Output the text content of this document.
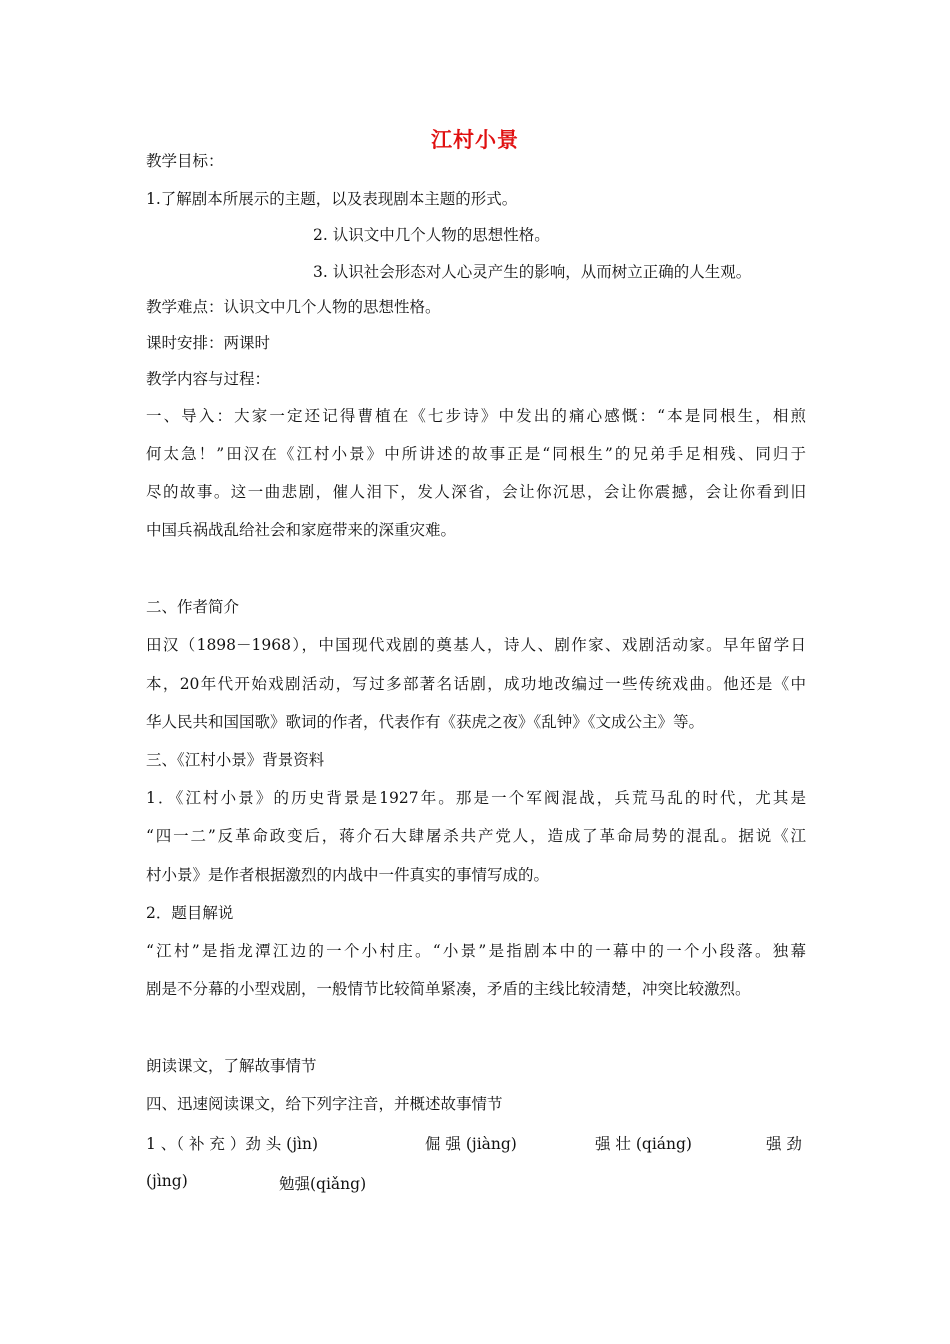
江村小景
教学目标：
1.了解剧本所展示的主题，以及表现剧本主题的形式。
2. 认识文中几个人物的思想性格。
3. 认识社会形态对人心灵产生的影响，从而树立正确的人生观。
教学难点：认识文中几个人物的思想性格。
课时安排：两课时
教学内容与过程：
一、导入：大家一定还记得曹植在《七步诗》中发出的痛心感慨：“本是同根生，相煎
何太急！”田汉在《江村小景》中所讲述的故事正是“同根生”的兄弟手足相残、同归于
尽的故事。这一曲悲剧，催人泪下，发人深省，会让你沉思，会让你震撼，会让你看到旧
中国兵祸战乱给社会和家庭带来的深重灾难。
二、作者简介
田汉（1898－1968），中国现代戏剧的奠基人，诗人、剧作家、戏剧活动家。早年留学日
本，20年代开始戏剧活动，写过多部著名话剧，成功地改编过一些传统戏曲。他还是《中
华人民共和国国歌》歌词的作者，代表作有《获虎之夜》《乱钟》《文成公主》等。
三、《江村小景》背景资料
1．《江村小景》的历史背景是1927年。那是一个军阀混战，兵荒马乱的时代，尤其是
“四一二”反革命政变后，蒋介石大肆屠杀共产党人，造成了革命局势的混乱。据说《江
村小景》是作者根据激烈的内战中一件真实的事情写成的。
2．题目解说
“江村”是指龙潭江边的一个小村庄。“小景”是指剧本中的一幕中的一个小段落。独幕
剧是不分幕的小型戏剧，一般情节比较简单紧凑，矛盾的主线比较清楚，冲突比较激烈。
朗读课文，了解故事情节
四、迅速阅读课文，给下列字注音，并概述故事情节
1 、（ 补 充 ）劲 头 (jìn)	倔 强 (jiàng)	强 壮 (qiáng)	强 劲
(jìng)	勉强(qiǎng)
